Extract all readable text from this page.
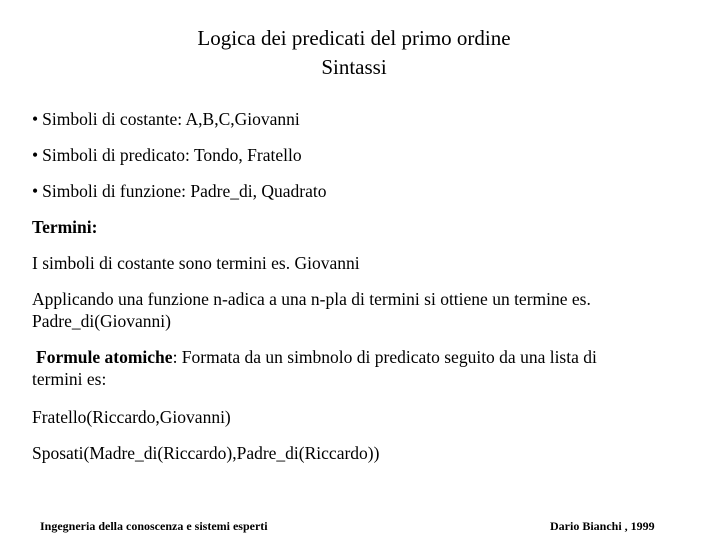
Logica dei predicati del primo ordine
Sintassi
• Simboli di costante: A,B,C,Giovanni
• Simboli di predicato: Tondo, Fratello
• Simboli di funzione: Padre_di, Quadrato
Termini:
I simboli di costante sono termini es. Giovanni
Applicando una funzione n-adica a una n-pla di termini si ottiene un termine es.
Padre_di(Giovanni)
Formule atomiche: Formata da un simbnolo di predicato seguito da una lista di
termini es:
Fratello(Riccardo,Giovanni)
Sposati(Madre_di(Riccardo),Padre_di(Riccardo))
Ingegneria della conoscenza e sistemi esperti	Dario Bianchi , 1999
